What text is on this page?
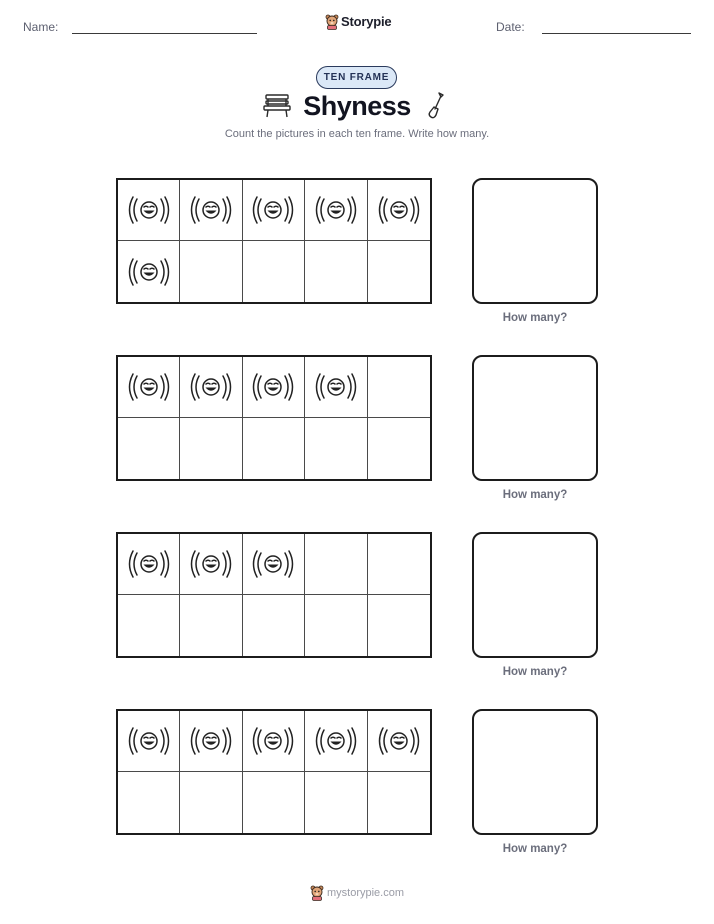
Name:	Storypie	Date:
TEN FRAME
Shyness
Count the pictures in each ten frame. Write how many.
How many?
How many?
How many?
How many?
mystorypie.com
